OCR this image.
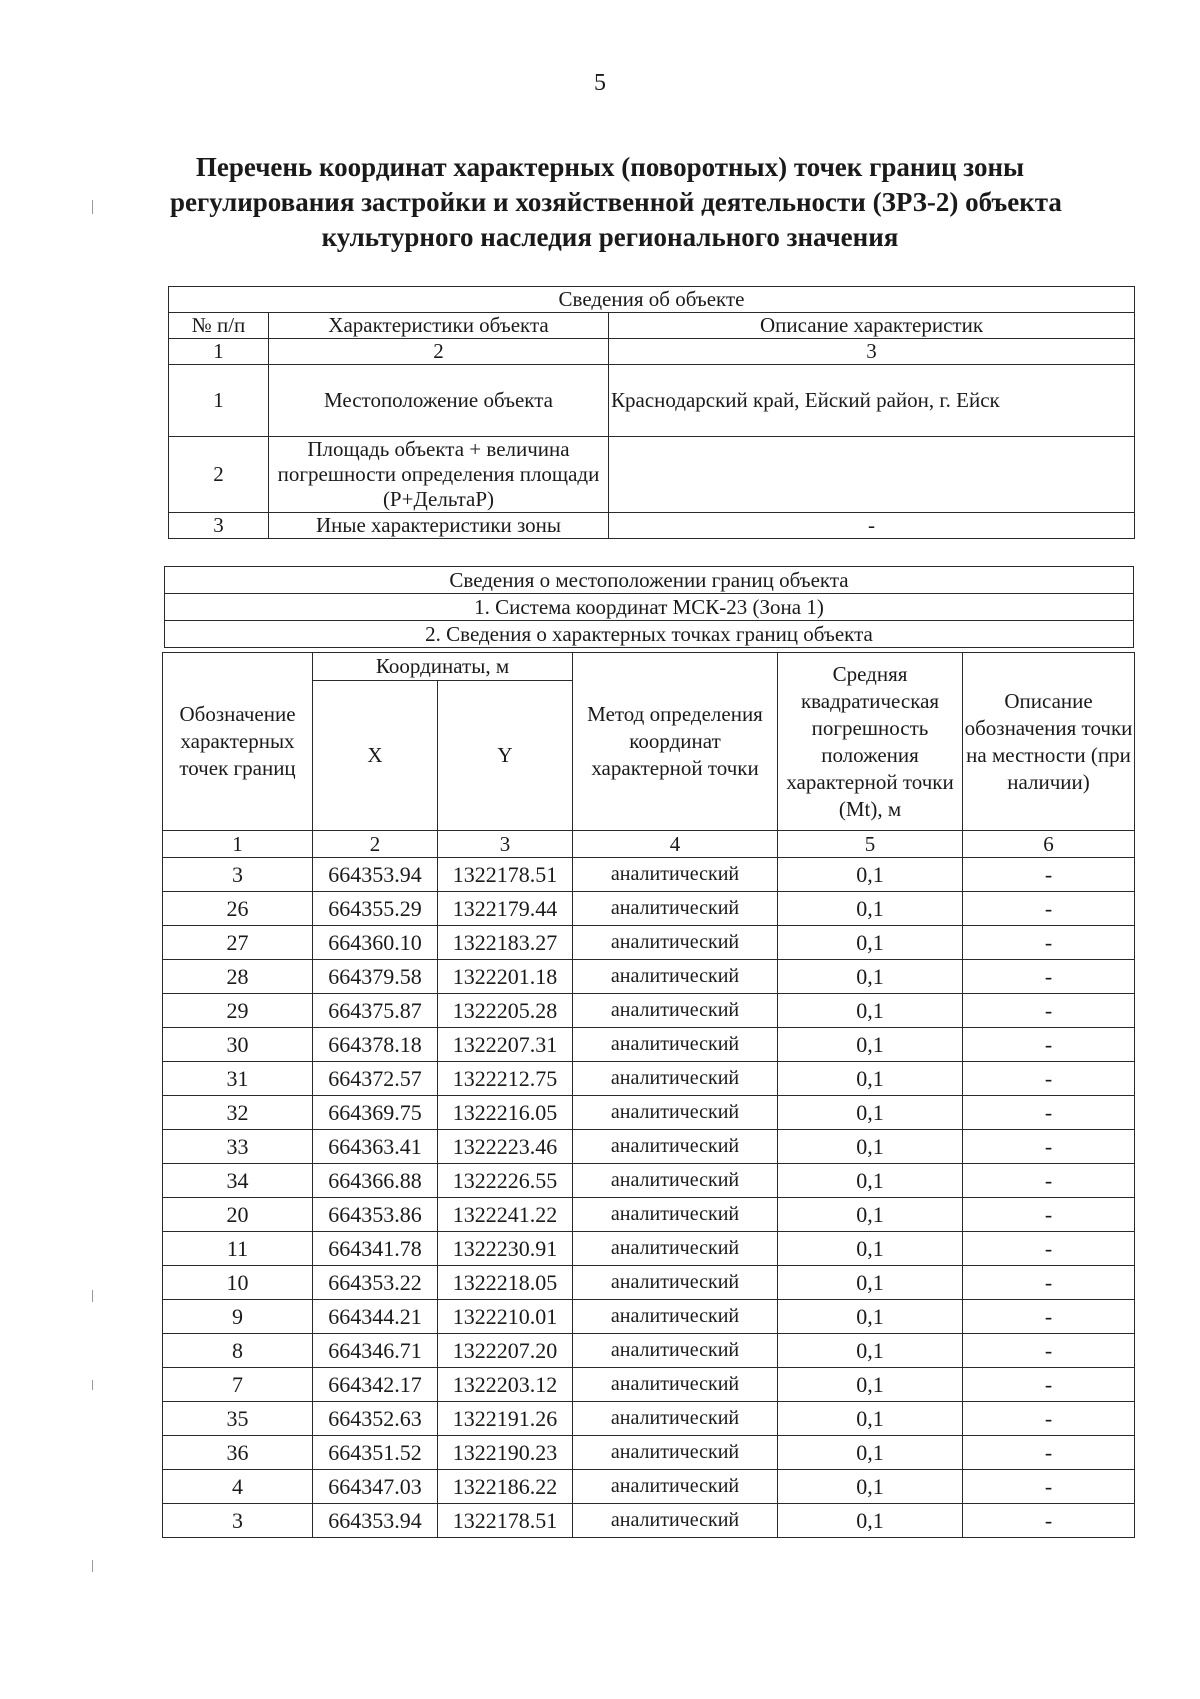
5
Перечень координат характерных (поворотных) точек границ зоны
регулирования застройки и хозяйственной деятельности (ЗРЗ-2) объекта
культурного наследия регионального значения
Сведения об объекте		
№ п/п	Характеристики объекта	Описание характеристик
1	2	3
1	Местоположение объекта	Краснодарский край, Ейский район, г. Ейск
2	Площадь объекта + величина погрешности определения площади (P+ДельтаP)	
3	Иные характеристики зоны	-
Сведения о местоположении границ объекта
1. Система координат МСК-23 (Зона 1)
2. Сведения о характерных точках границ объекта
Обозначение характерных точек границ	Координаты, м		Метод определения координат характерной точки	Средняя квадратическая погрешность положения характерной точки (Mt), м	Описание обозначения точки на местности (при наличии)
	X	Y			
1	2	3	4	5	6
3	664353.94	1322178.51	аналитический	0,1	-
26	664355.29	1322179.44	аналитический	0,1	-
27	664360.10	1322183.27	аналитический	0,1	-
28	664379.58	1322201.18	аналитический	0,1	-
29	664375.87	1322205.28	аналитический	0,1	-
30	664378.18	1322207.31	аналитический	0,1	-
31	664372.57	1322212.75	аналитический	0,1	-
32	664369.75	1322216.05	аналитический	0,1	-
33	664363.41	1322223.46	аналитический	0,1	-
34	664366.88	1322226.55	аналитический	0,1	-
20	664353.86	1322241.22	аналитический	0,1	-
11	664341.78	1322230.91	аналитический	0,1	-
10	664353.22	1322218.05	аналитический	0,1	-
9	664344.21	1322210.01	аналитический	0,1	-
8	664346.71	1322207.20	аналитический	0,1	-
7	664342.17	1322203.12	аналитический	0,1	-
35	664352.63	1322191.26	аналитический	0,1	-
36	664351.52	1322190.23	аналитический	0,1	-
4	664347.03	1322186.22	аналитический	0,1	-
3	664353.94	1322178.51	аналитический	0,1	-
